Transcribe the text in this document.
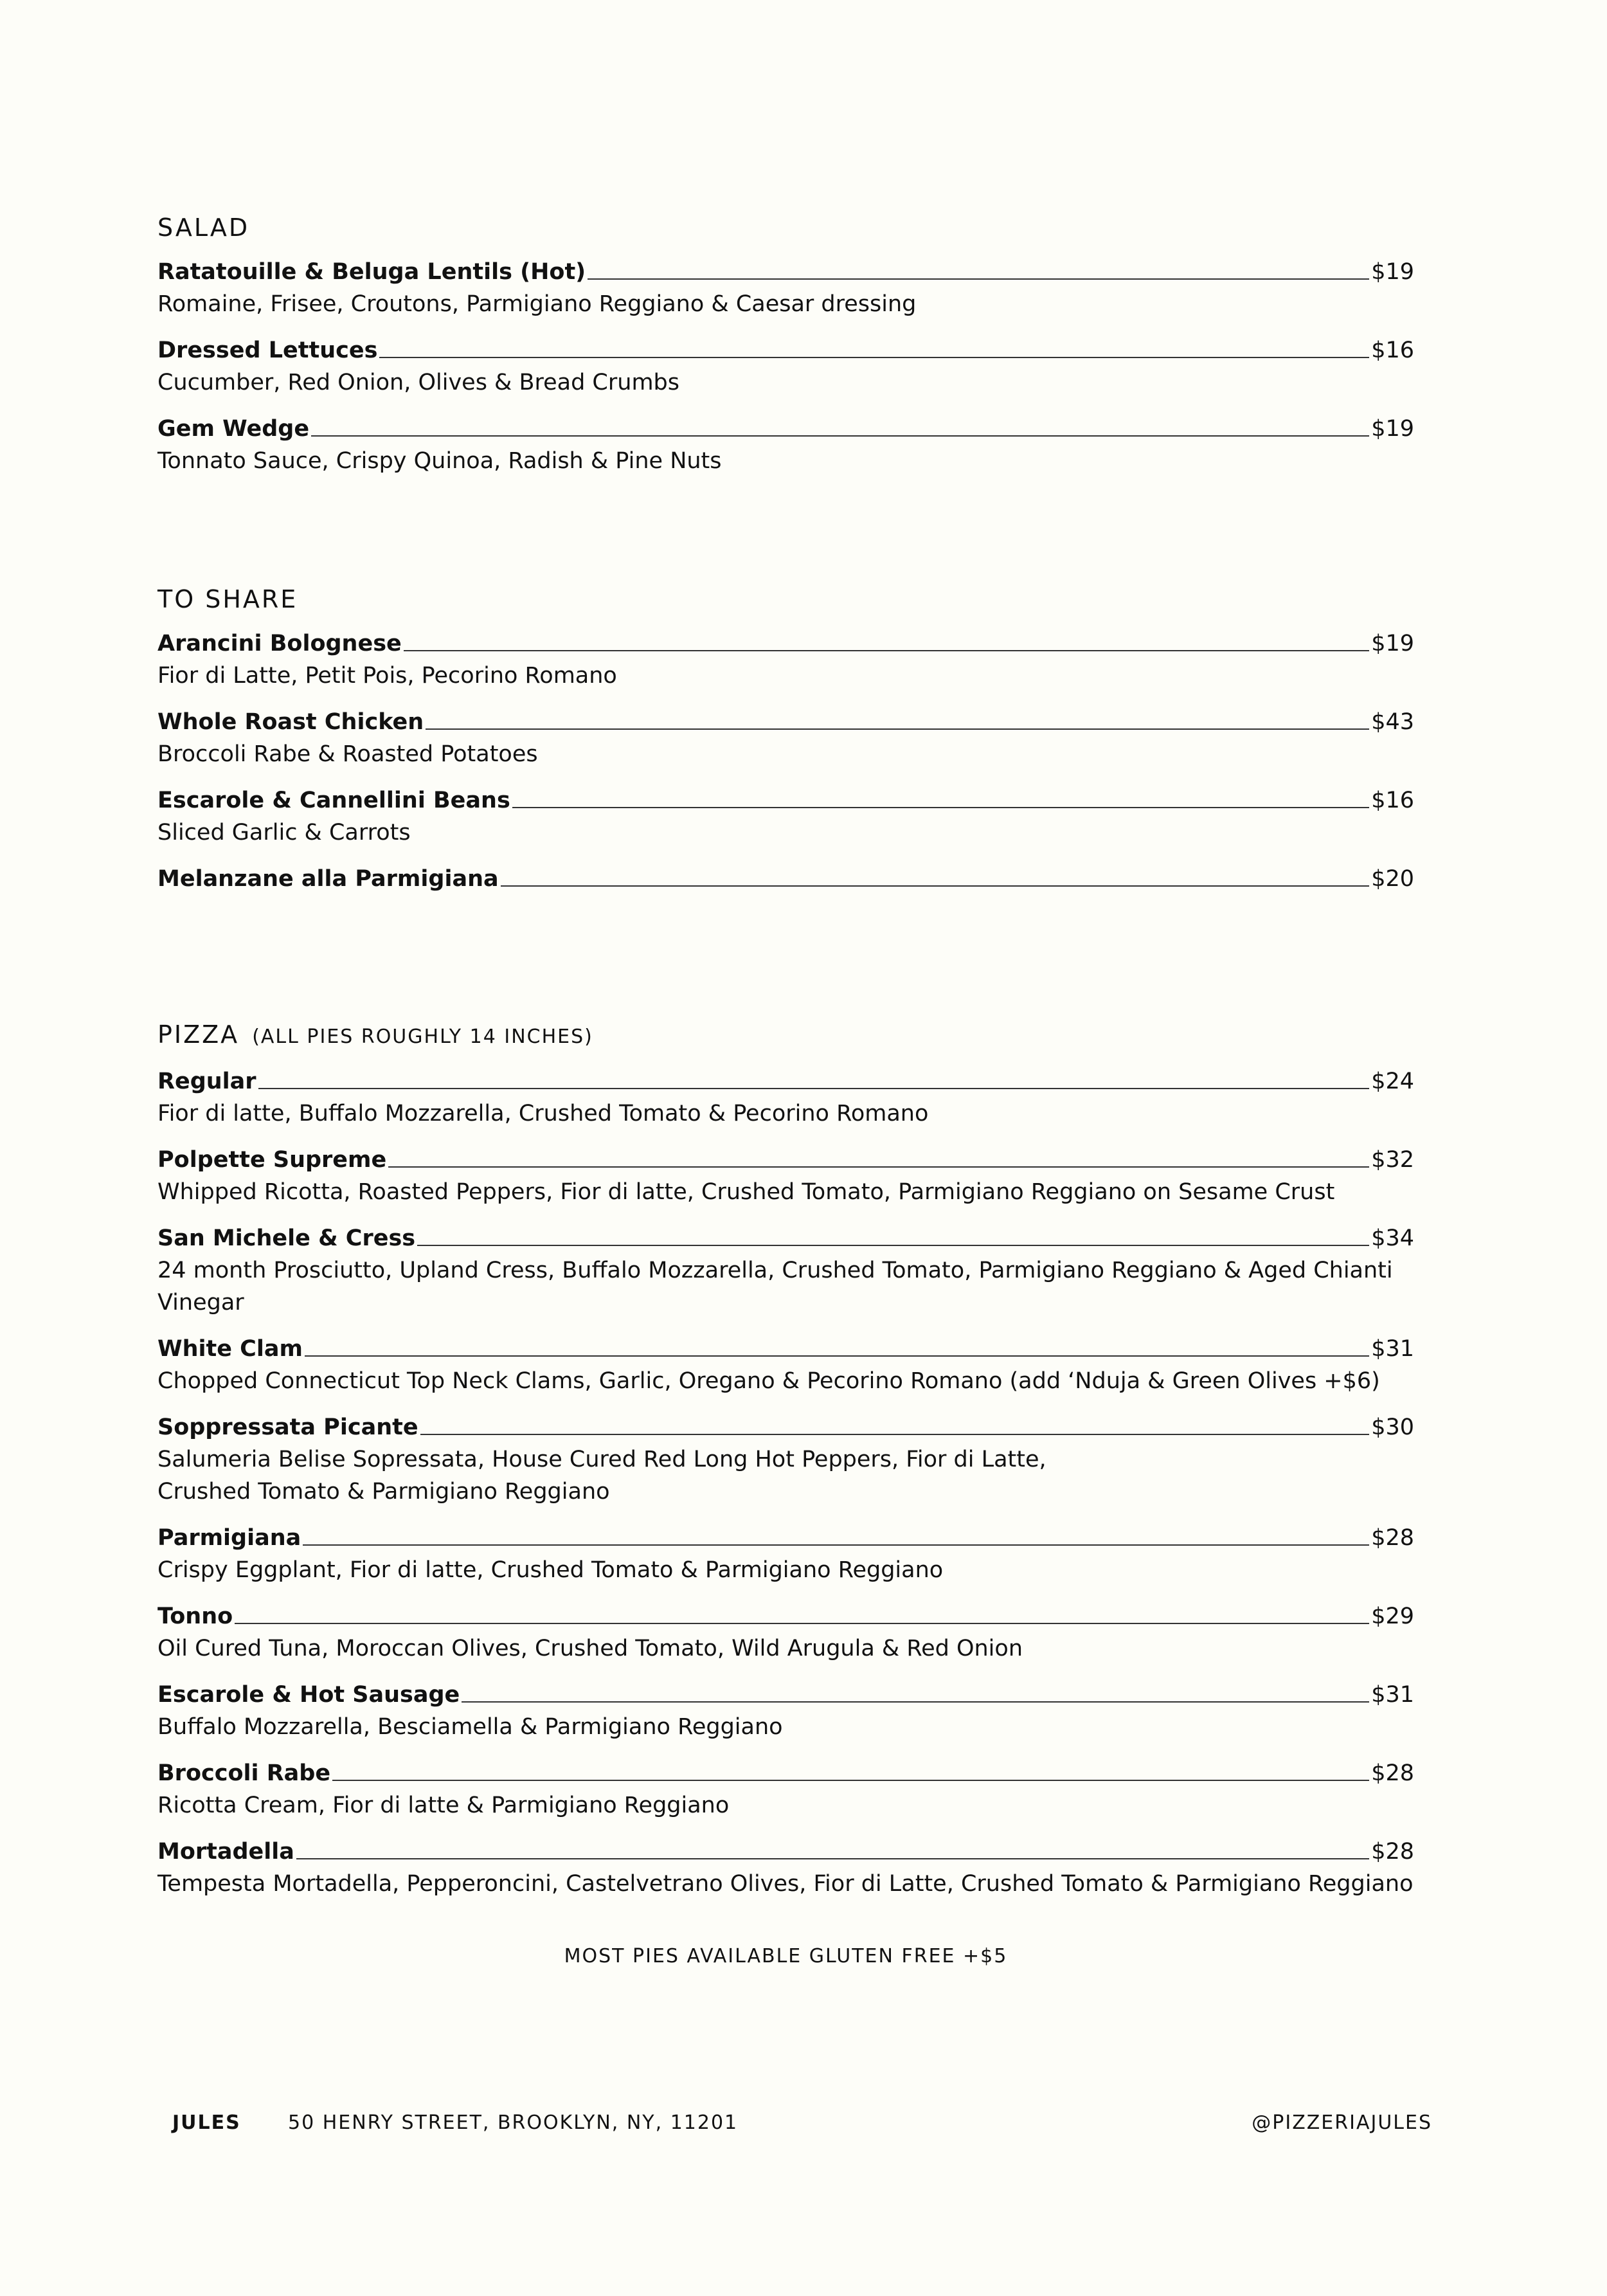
SALAD
Ratatouille & Beluga Lentils (Hot)	$19

Romaine, Frisee, Croutons, Parmigiano Reggiano & Caesar dressing

Dressed Lettuces	$16

Cucumber, Red Onion, Olives & Bread Crumbs

Gem Wedge	$19

Tonnato Sauce, Crispy Quinoa, Radish & Pine Nuts

TO SHARE
Arancini Bolognese	$19

Fior di Latte, Petit Pois, Pecorino Romano

Whole Roast Chicken	$43

Broccoli Rabe & Roasted Potatoes

Escarole & Cannellini Beans	$16

Sliced Garlic & Carrots

Melanzane alla Parmigiana	$20
PIZZA (ALL PIES ROUGHLY 14 INCHES)
Regular	$24

Fior di latte, Buffalo Mozzarella, Crushed Tomato & Pecorino Romano

Polpette Supreme	$32

Whipped Ricotta, Roasted Peppers, Fior di latte, Crushed Tomato, Parmigiano Reggiano on Sesame Crust

San Michele & Cress	$34

24 month Prosciutto, Upland Cress, Buffalo Mozzarella, Crushed Tomato, Parmigiano Reggiano & Aged Chianti
Vinegar

White Clam	$31

Chopped Connecticut Top Neck Clams, Garlic, Oregano & Pecorino Romano (add ‘Nduja & Green Olives +$6)

Soppressata Picante	$30

Salumeria Belise Sopressata, House Cured Red Long Hot Peppers, Fior di Latte,
Crushed Tomato & Parmigiano Reggiano

Parmigiana	$28

Crispy Eggplant, Fior di latte, Crushed Tomato & Parmigiano Reggiano

Tonno	$29

Oil Cured Tuna, Moroccan Olives, Crushed Tomato, Wild Arugula & Red Onion

Escarole & Hot Sausage	$31

Buffalo Mozzarella, Besciamella & Parmigiano Reggiano

Broccoli Rabe	$28

Ricotta Cream, Fior di latte & Parmigiano Reggiano

Mortadella	$28

Tempesta Mortadella, Pepperoncini, Castelvetrano Olives, Fior di Latte, Crushed Tomato & Parmigiano Reggiano

MOST PIES AVAILABLE GLUTEN FREE +$5
JULES 50 HENRY STREET, BROOKLYN, NY, 11201	@PIZZERIAJULES
